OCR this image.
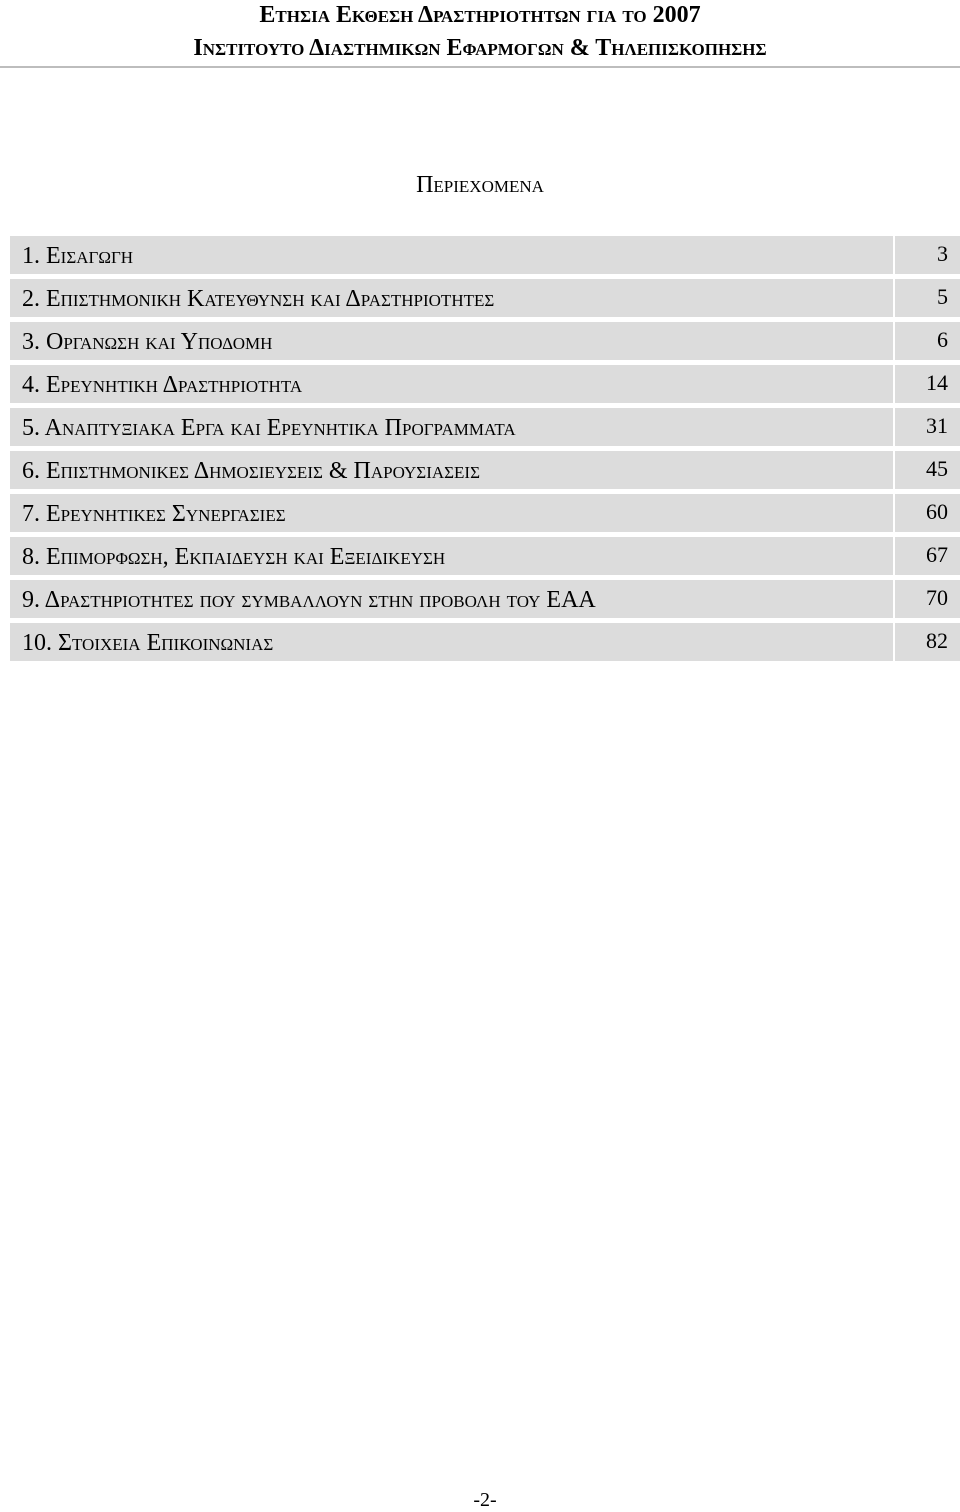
Ετησια Εκθεση Δραστηριοτητων για το 2007
Ινστιτουτο Διαστημικων Εφαρμογων & Τηλεπισκοπησης
Περιεχομενα
1. Εισαγωγη	3
2. Επιστημονικη Κατευθυνση και Δραστηριοτητες	5
3. Οργανωση και Υποδομη	6
4. Ερευνητικη Δραστηριοτητα	14
5. Αναπτυξιακα Εργα και Ερευνητικα Προγραμματα	31
6. Επιστημονικες Δημοσιευσεις & Παρουσιασεις	45
7. Ερευνητικες Συνεργασιες	60
8. Επιμορφωση, Εκπαιδευση και Εξειδικευση	67
9. Δραστηριοτητες που συμβαλλουν στην προβολη του ΕΑΑ	70
10. Στοιχεια Επικοινωνιας	82
-2-
